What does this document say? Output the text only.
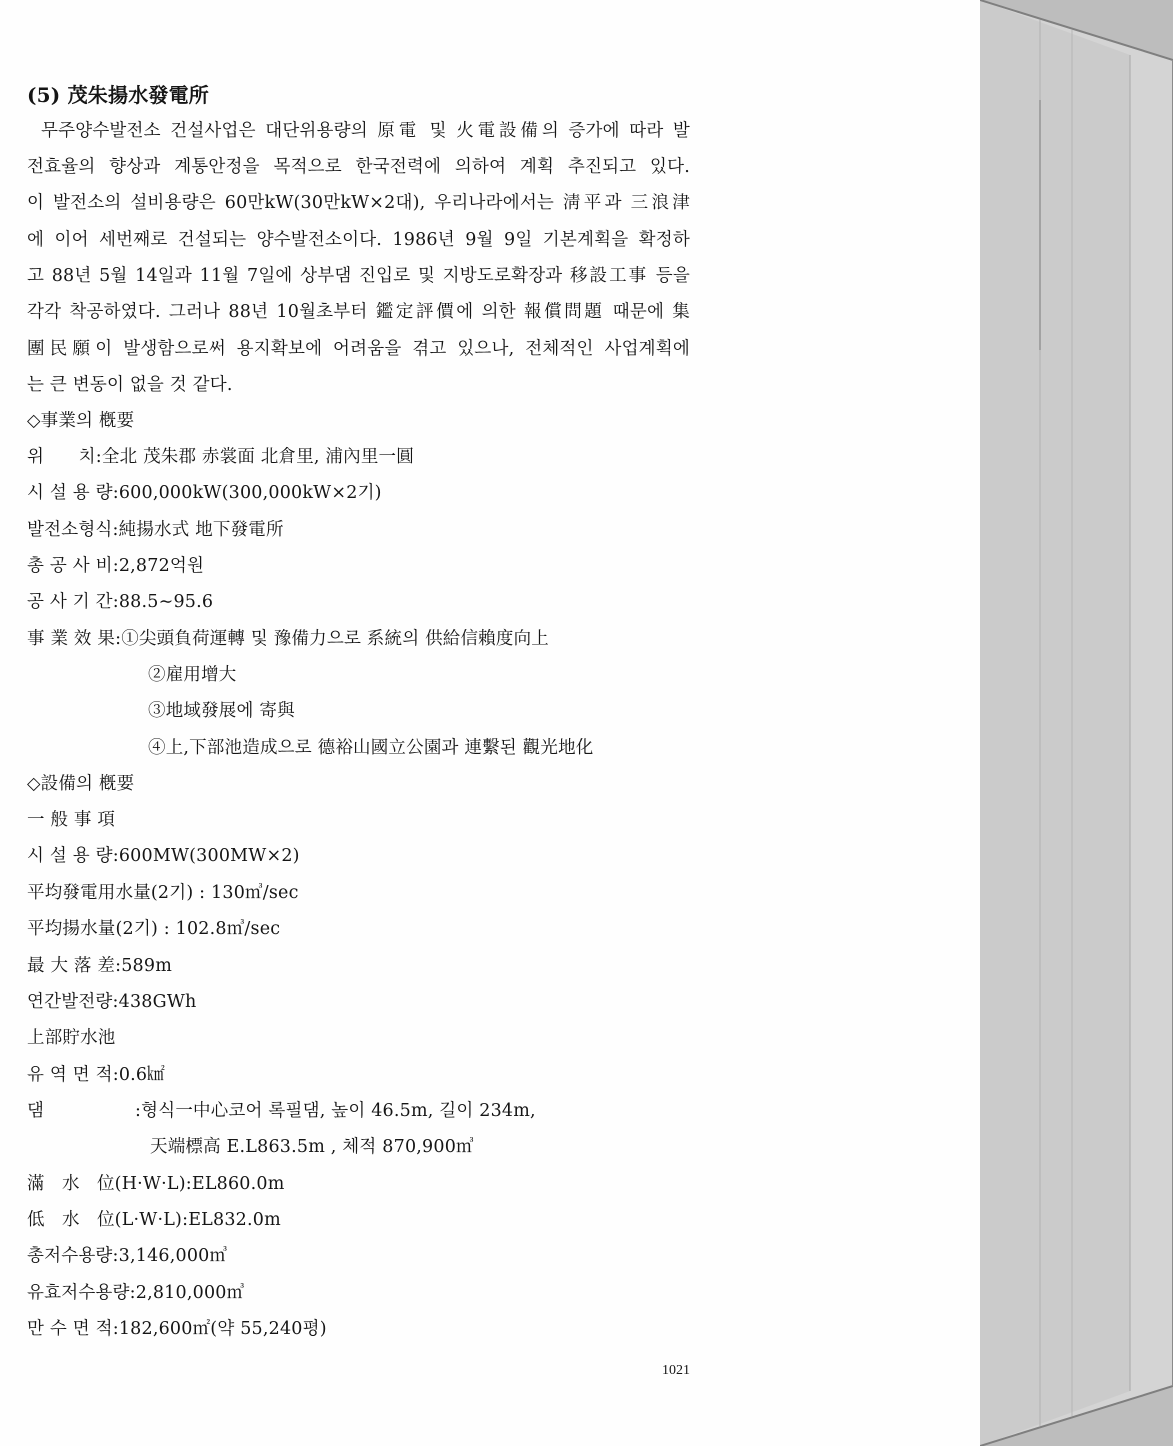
(5) 茂朱揚水發電所
무주양수발전소 건설사업은 대단위용량의 原電 및 火電設備의 증가에 따라 발
전효율의 향상과 계통안정을 목적으로 한국전력에 의하여 계획 추진되고 있다.
이 발전소의 설비용량은 60만kW(30만kW×2대), 우리나라에서는 淸平과 三浪津
에 이어 세번째로 건설되는 양수발전소이다. 1986년 9월 9일 기본계획을 확정하
고 88년 5월 14일과 11월 7일에 상부댐 진입로 및 지방도로확장과 移設工事 등을
각각 착공하였다. 그러나 88년 10월초부터 鑑定評價에 의한 報償問題 때문에 集
團民願이 발생함으로써 용지확보에 어려움을 겪고 있으나, 전체적인 사업계획에
는 큰 변동이 없을 것 같다.
◇事業의 槪要
위      치:全北 茂朱郡 赤裳面 北倉里, 浦內里一圓
시 설 용 량:600,000kW(300,000kW×2기)
발전소형식:純揚水式 地下發電所
총 공 사 비:2,872억원
공 사 기 간:88.5∼95.6
事 業 效 果:①尖頭負荷運轉 및 豫備力으로 系統의 供給信賴度向上
②雇用增大
③地域發展에 寄與
④上,下部池造成으로 德裕山國立公園과 連繫된 觀光地化
◇設備의 槪要
一 般 事 項
시 설 용 량:600MW(300MW×2)
平均發電用水量(2기) : 130㎥/sec
平均揚水量(2기) : 102.8㎥/sec
最 大 落 差:589m
연간발전량:438GWh
上部貯水池
유 역 면 적:0.6㎢
댐	:형식一中心코어 록필댐, 높이 46.5m, 길이 234m,
天端標高 E.L863.5m , 체적 870,900㎥
滿   水   位(H·W·L):EL860.0m
低   水   位(L·W·L):EL832.0m
총저수용량:3,146,000㎥
유효저수용량:2,810,000㎥
만 수 면 적:182,600㎡(약 55,240평)
1021
